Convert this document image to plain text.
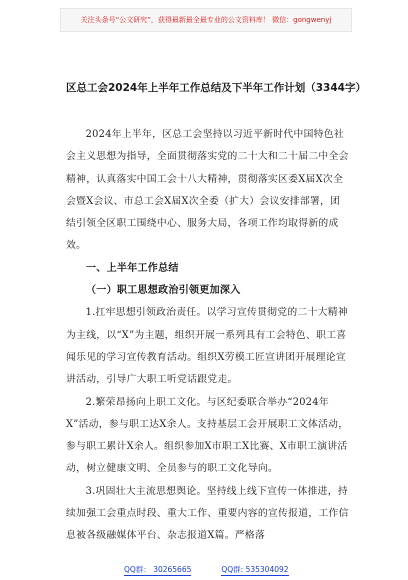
关注头条号“公文研究”，获得最新最全最专业的公文资料库！ 微信：gongwenyj
区总工会2024年上半年工作总结及下半年工作计划（3344字）

2024年上半年，区总工会坚持以习近平新时代中国特色社会主义思想为指导，全面贯彻落实党的二十大和二十届二中全会精神，认真落实中国工会十八大精神，贯彻落实区委X届X次全会暨X会议、市总工会X届X次全委（扩大）会议安排部署，团结引领全区职工围绕中心、服务大局，各项工作均取得新的成效。

一、上半年工作总结

（一）职工思想政治引领更加深入

1.扛牢思想引领政治责任。以学习宣传贯彻党的二十大精神为主线，以“X”为主题，组织开展一系列具有工会特色、职工喜闻乐见的学习宣传教育活动。组织X劳模工匠宣讲团开展理论宣讲活动，引导广大职工听党话跟党走。

2.繁荣昂扬向上职工文化。与区纪委联合举办“2024年X”活动，参与职工达X余人。支持基层工会开展职工文体活动，参与职工累计X余人。组织参加X市职工X比赛、X市职工演讲活动，树立健康文明、全员参与的职工文化导向。

3.巩固壮大主流思想舆论。坚持线上线下宣传一体推进，持续加强工会重点时段、重大工作、重要内容的宣传报道，工作信息被各级融媒体平台、杂志报道X篇。严格落

QQ群： 30265665	QQ群: 535304092
